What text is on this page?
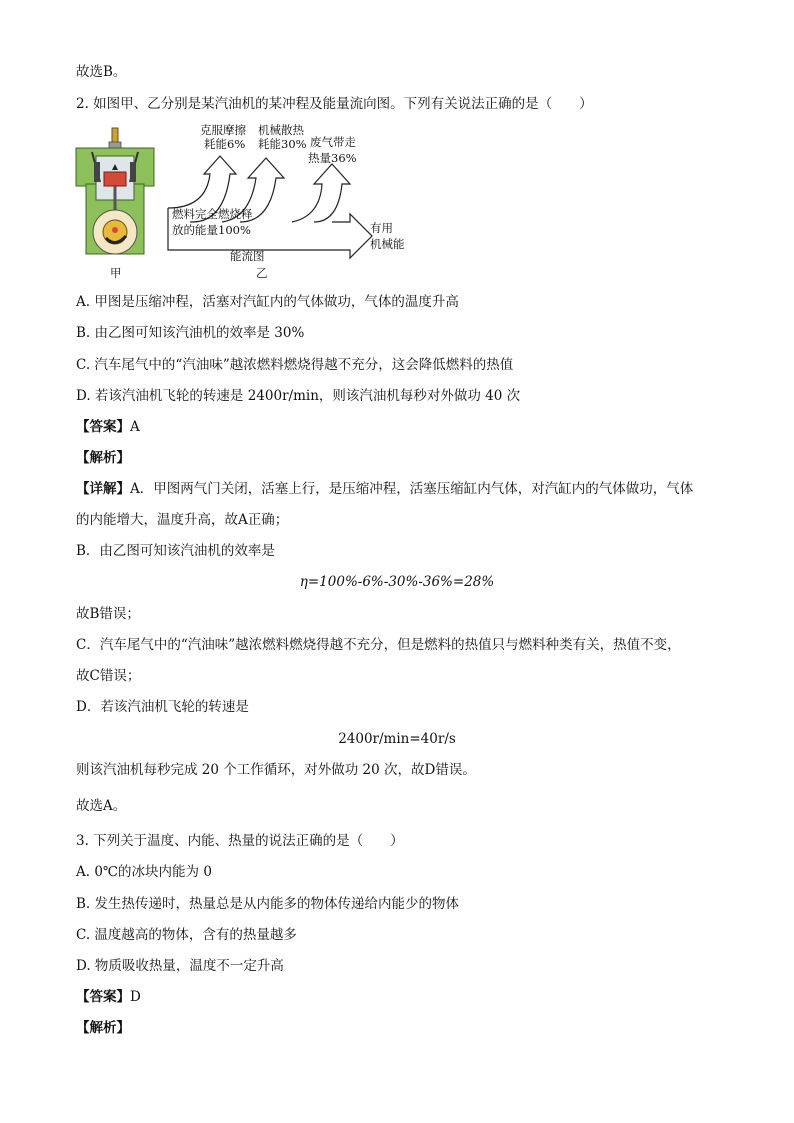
故选B。
2. 如图甲、乙分别是某汽油机的某冲程及能量流向图。下列有关说法正确的是（　　）
甲
克服摩擦
耗能6%
机械散热
耗能30% 废气带走
热量36%
燃料完全燃烧释
放的能量100%	有用
机械能
能流图
乙
A. 甲图是压缩冲程，活塞对汽缸内的气体做功，气体的温度升高
B. 由乙图可知该汽油机的效率是 30%
C. 汽车尾气中的“汽油味”越浓燃料燃烧得越不充分，这会降低燃料的热值
D. 若该汽油机飞轮的转速是 2400r/min，则该汽油机每秒对外做功 40 次
【答案】A
【解析】
【详解】A．甲图两气门关闭，活塞上行，是压缩冲程，活塞压缩缸内气体，对汽缸内的气体做功，气体
的内能增大，温度升高，故A正确；
B．由乙图可知该汽油机的效率是
η=100%-6%-30%-36%=28%
故B错误；
C．汽车尾气中的“汽油味”越浓燃料燃烧得越不充分，但是燃料的热值只与燃料种类有关，热值不变，
故C错误；
D．若该汽油机飞轮的转速是
2400r/min=40r/s
则该汽油机每秒完成 20 个工作循环，对外做功 20 次，故D错误。
故选A。
3. 下列关于温度、内能、热量的说法正确的是（　　）
A. 0℃的冰块内能为 0
B. 发生热传递时，热量总是从内能多的物体传递给内能少的物体
C. 温度越高的物体，含有的热量越多
D. 物质吸收热量，温度不一定升高
【答案】D
【解析】
